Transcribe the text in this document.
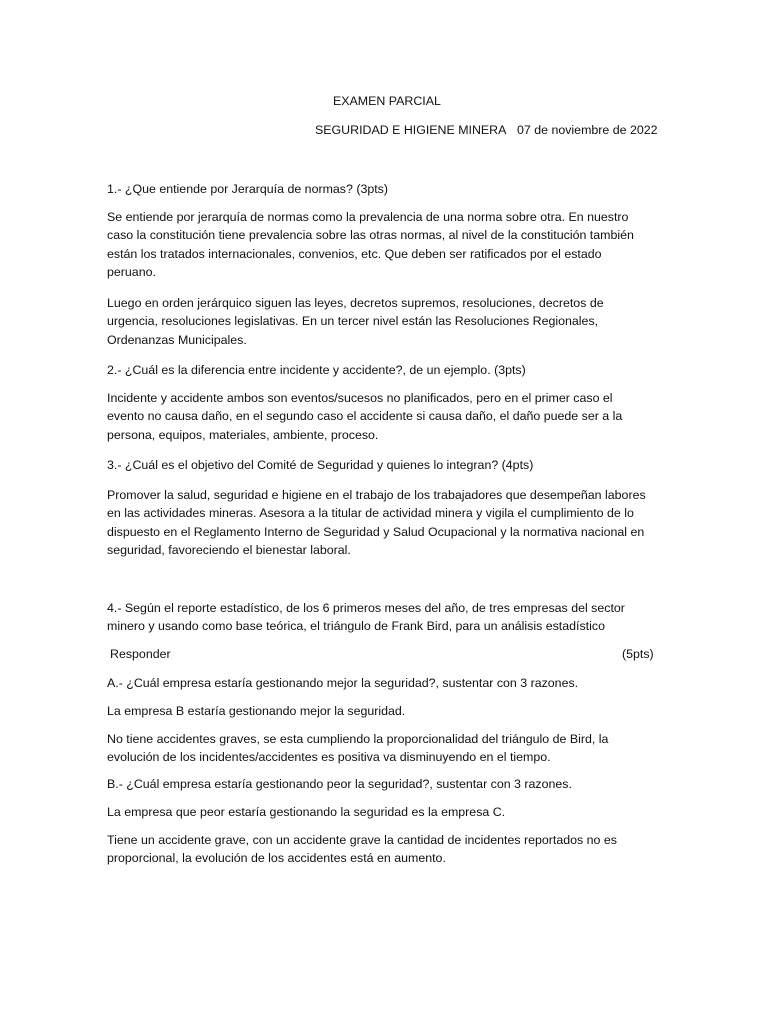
EXAMEN PARCIAL
SEGURIDAD E HIGIENE MINERA 07 de noviembre de 2022
1.- ¿Que entiende por Jerarquía de normas? (3pts)
Se entiende por jerarquía de normas como la prevalencia de una norma sobre otra. En nuestro
caso la constitución tiene prevalencia sobre las otras normas, al nivel de la constitución también
están los tratados internacionales, convenios, etc. Que deben ser ratificados por el estado
peruano.
Luego en orden jerárquico siguen las leyes, decretos supremos, resoluciones, decretos de
urgencia, resoluciones legislativas. En un tercer nivel están las Resoluciones Regionales,
Ordenanzas Municipales.
2.- ¿Cuál es la diferencia entre incidente y accidente?, de un ejemplo. (3pts)
Incidente y accidente ambos son eventos/sucesos no planificados, pero en el primer caso el
evento no causa daño, en el segundo caso el accidente si causa daño, el daño puede ser a la
persona, equipos, materiales, ambiente, proceso.
3.- ¿Cuál es el objetivo del Comité de Seguridad y quienes lo integran? (4pts)
Promover la salud, seguridad e higiene en el trabajo de los trabajadores que desempeñan labores
en las actividades mineras. Asesora a la titular de actividad minera y vigila el cumplimiento de lo
dispuesto en el Reglamento Interno de Seguridad y Salud Ocupacional y la normativa nacional en
seguridad, favoreciendo el bienestar laboral.
4.- Según el reporte estadístico, de los 6 primeros meses del año, de tres empresas del sector
minero y usando como base teórica, el triángulo de Frank Bird, para un análisis estadístico
Responder	(5pts)
A.- ¿Cuál empresa estaría gestionando mejor la seguridad?, sustentar con 3 razones.
La empresa B estaría gestionando mejor la seguridad.
No tiene accidentes graves, se esta cumpliendo la proporcionalidad del triángulo de Bird, la
evolución de los incidentes/accidentes es positiva va disminuyendo en el tiempo.
B.- ¿Cuál empresa estaría gestionando peor la seguridad?, sustentar con 3 razones.
La empresa que peor estaría gestionando la seguridad es la empresa C.
Tiene un accidente grave, con un accidente grave la cantidad de incidentes reportados no es
proporcional, la evolución de los accidentes está en aumento.
